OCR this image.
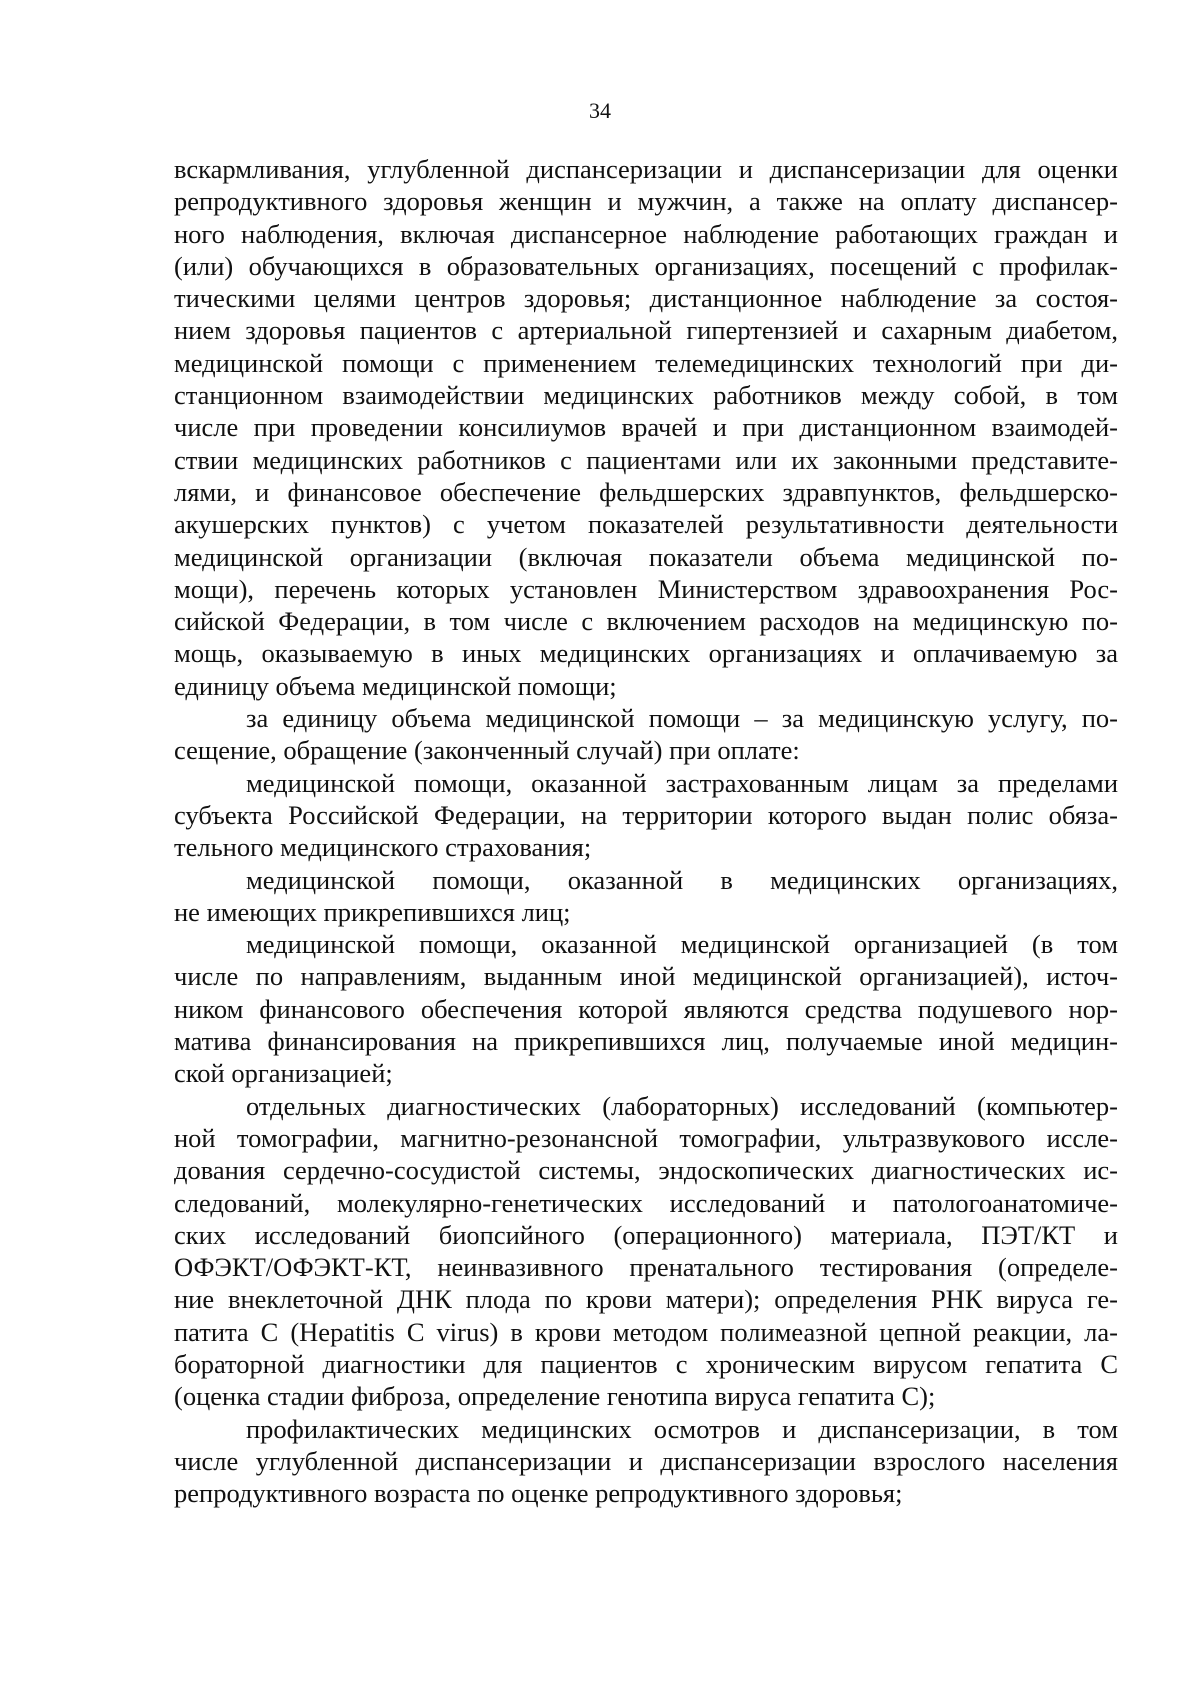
34
вскармливания, углубленной диспансеризации и диспансеризации для оценки
репродуктивного здоровья женщин и мужчин, а также на оплату диспансер-
ного наблюдения, включая диспансерное наблюдение работающих граждан и
(или) обучающихся в образовательных организациях, посещений с профилак-
тическими целями центров здоровья; дистанционное наблюдение за состоя-
нием здоровья пациентов с артериальной гипертензией и сахарным диабетом,
медицинской помощи с применением телемедицинских технологий при ди-
станционном взаимодействии медицинских работников между собой, в том
числе при проведении консилиумов врачей и при дистанционном взаимодей-
ствии медицинских работников с пациентами или их законными представите-
лями, и финансовое обеспечение фельдшерских здравпунктов, фельдшерско-
акушерских пунктов) с учетом показателей результативности деятельности
медицинской организации (включая показатели объема медицинской по-
мощи), перечень которых установлен Министерством здравоохранения Рос-
сийской Федерации, в том числе с включением расходов на медицинскую по-
мощь, оказываемую в иных медицинских организациях и оплачиваемую за
единицу объема медицинской помощи;
за единицу объема медицинской помощи – за медицинскую услугу, по-
сещение, обращение (законченный случай) при оплате:
медицинской помощи, оказанной застрахованным лицам за пределами
субъекта Российской Федерации, на территории которого выдан полис обяза-
тельного медицинского страхования;
медицинской помощи, оказанной в медицинских организациях,
не имеющих прикрепившихся лиц;
медицинской помощи, оказанной медицинской организацией (в том
числе по направлениям, выданным иной медицинской организацией), источ-
ником финансового обеспечения которой являются средства подушевого нор-
матива финансирования на прикрепившихся лиц, получаемые иной медицин-
ской организацией;
отдельных диагностических (лабораторных) исследований (компьютер-
ной томографии, магнитно-резонансной томографии, ультразвукового иссле-
дования сердечно-сосудистой системы, эндоскопических диагностических ис-
следований, молекулярно-генетических исследований и патологоанатомиче-
ских исследований биопсийного (операционного) материала, ПЭТ/КТ и
ОФЭКТ/ОФЭКТ-КТ, неинвазивного пренатального тестирования (определе-
ние внеклеточной ДНК плода по крови матери); определения РНК вируса ге-
патита С (Hepatitis C virus) в крови методом полимеазной цепной реакции, ла-
бораторной диагностики для пациентов с хроническим вирусом гепатита С
(оценка стадии фиброза, определение генотипа вируса гепатита С);
профилактических медицинских осмотров и диспансеризации, в том
числе углубленной диспансеризации и диспансеризации взрослого населения
репродуктивного возраста по оценке репродуктивного здоровья;
